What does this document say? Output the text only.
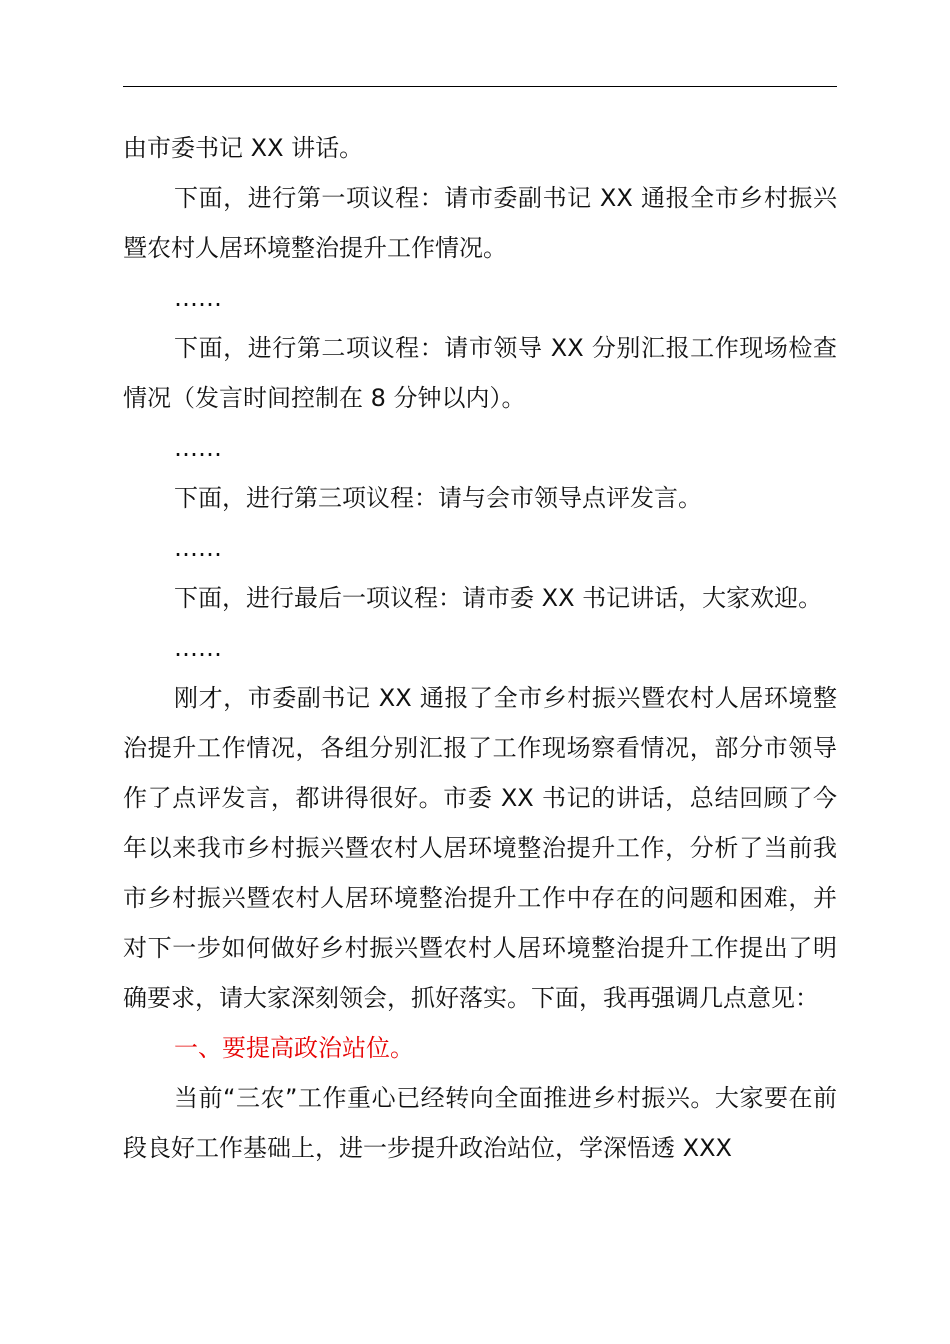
由市委书记 XX 讲话。

下面，进行第一项议程：请市委副书记 XX 通报全市乡村振兴暨农村人居环境整治提升工作情况。

……

下面，进行第二项议程：请市领导 XX 分别汇报工作现场检查情况（发言时间控制在 8 分钟以内）。

……

下面，进行第三项议程：请与会市领导点评发言。

……

下面，进行最后一项议程：请市委 XX 书记讲话，大家欢迎。

……

刚才，市委副书记 XX 通报了全市乡村振兴暨农村人居环境整治提升工作情况，各组分别汇报了工作现场察看情况，部分市领导作了点评发言，都讲得很好。市委 XX 书记的讲话，总结回顾了今年以来我市乡村振兴暨农村人居环境整治提升工作，分析了当前我市乡村振兴暨农村人居环境整治提升工作中存在的问题和困难，并对下一步如何做好乡村振兴暨农村人居环境整治提升工作提出了明确要求，请大家深刻领会，抓好落实。下面，我再强调几点意见：

一、要提高政治站位。

当前“三农”工作重心已经转向全面推进乡村振兴。大家要在前段良好工作基础上，进一步提升政治站位，学深悟透 XXX
